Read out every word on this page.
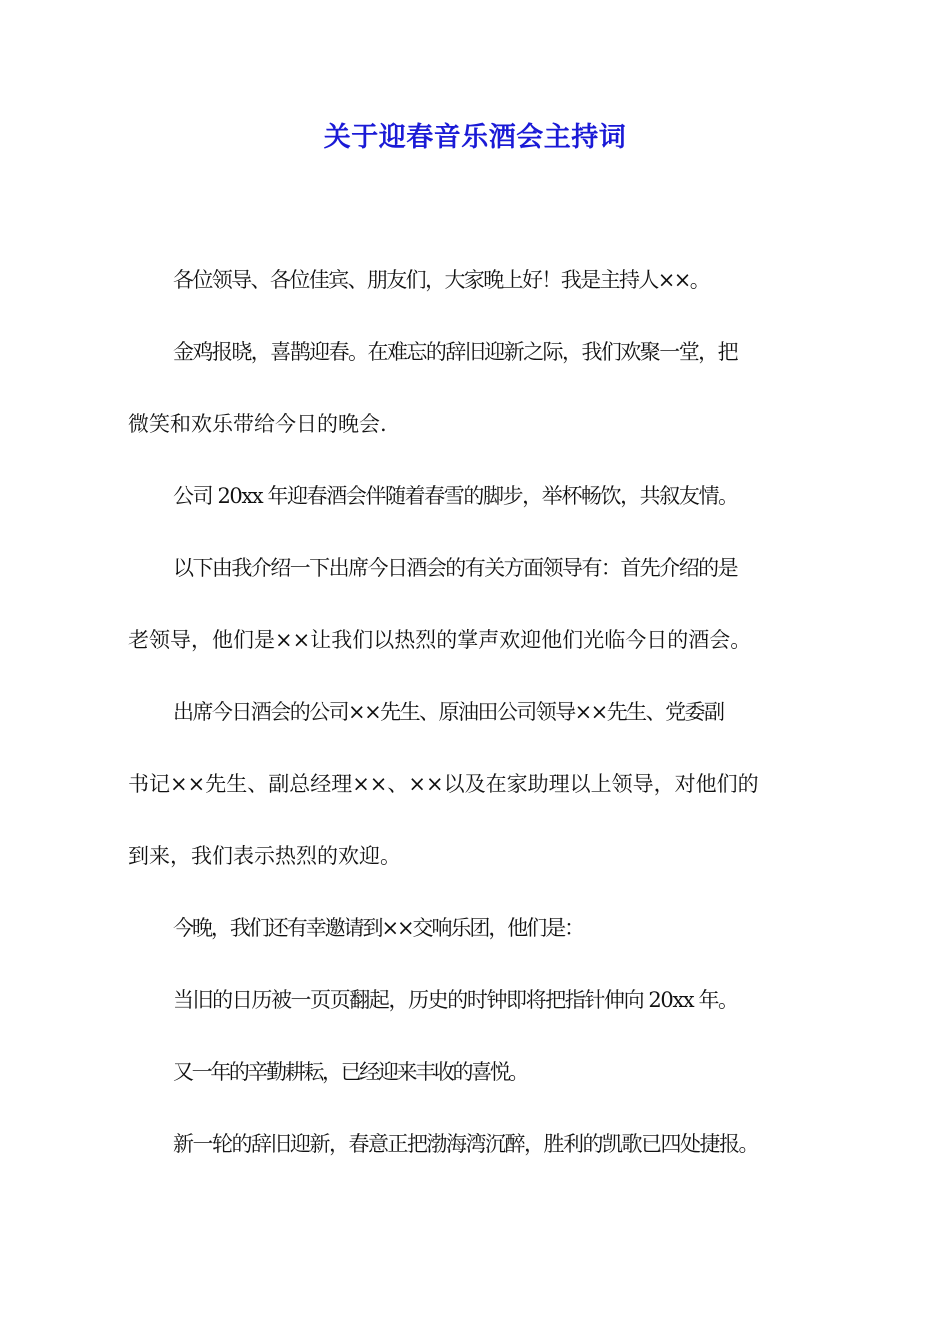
关于迎春音乐酒会主持词

各位领导、各位佳宾、朋友们，大家晚上好！我是主持人××。

金鸡报晓，喜鹊迎春。在难忘的辞旧迎新之际，我们欢聚一堂，把
微笑和欢乐带给今日的晚会.

公司 20xx 年迎春酒会伴随着春雪的脚步，举杯畅饮，共叙友情。

以下由我介绍一下出席今日酒会的有关方面领导有：首先介绍的是
老领导，他们是××让我们以热烈的掌声欢迎他们光临今日的酒会。

出席今日酒会的公司××先生、原油田公司领导××先生、党委副
书记××先生、副总经理××、××以及在家助理以上领导，对他们的
到来，我们表示热烈的欢迎。

今晚，我们还有幸邀请到××交响乐团，他们是：

当旧的日历被一页页翻起，历史的时钟即将把指针伸向 20xx 年。

又一年的辛勤耕耘，已经迎来丰收的喜悦。

新一轮的辞旧迎新，春意正把渤海湾沉醉，胜利的凯歌已四处捷报。
